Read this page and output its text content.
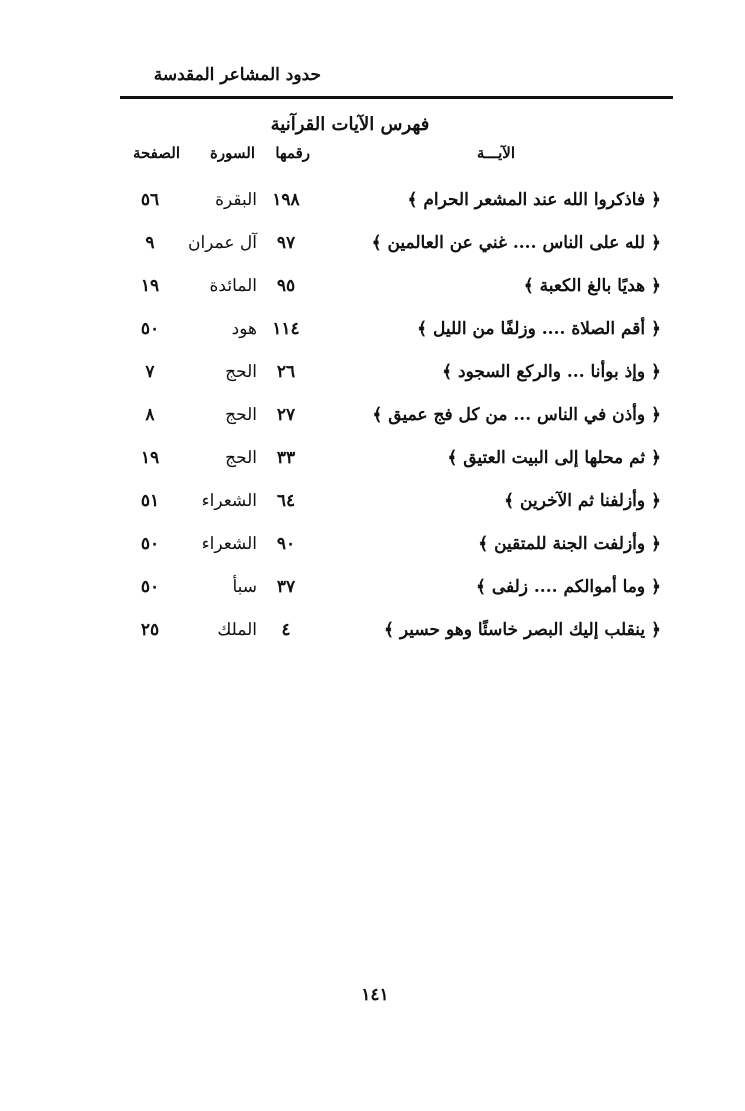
حدود المشاعر المقدسة
فهرس الآيات القرآنية
الآيـــة
رقمها
السورة
الصفحة
﴿ فاذكروا الله عند المشعر الحرام ﴾
١٩٨
البقرة
٥٦
﴿ لله على الناس .... غني عن العالمين ﴾
٩٧
آل عمران
٩
﴿ هديًا بالغ الكعبة ﴾
٩٥
المائدة
١٩
﴿ أقم الصلاة .... وزلفًا من الليل ﴾
١١٤
هود
٥٠
﴿ وإذ بوأنا ... والركع السجود ﴾
٢٦
الحج
٧
﴿ وأذن في الناس ... من كل فج عميق ﴾
٢٧
الحج
٨
﴿ ثم محلها إلى البيت العتيق ﴾
٣٣
الحج
١٩
﴿ وأزلفنا ثم الآخرين ﴾
٦٤
الشعراء
٥١
﴿ وأزلفت الجنة للمتقين ﴾
٩٠
الشعراء
٥٠
﴿ وما أموالكم .... زلفى ﴾
٣٧
سبأ
٥٠
﴿ ينقلب إليك البصر خاسئًا وهو حسير ﴾
٤
الملك
٢٥
١٤١
